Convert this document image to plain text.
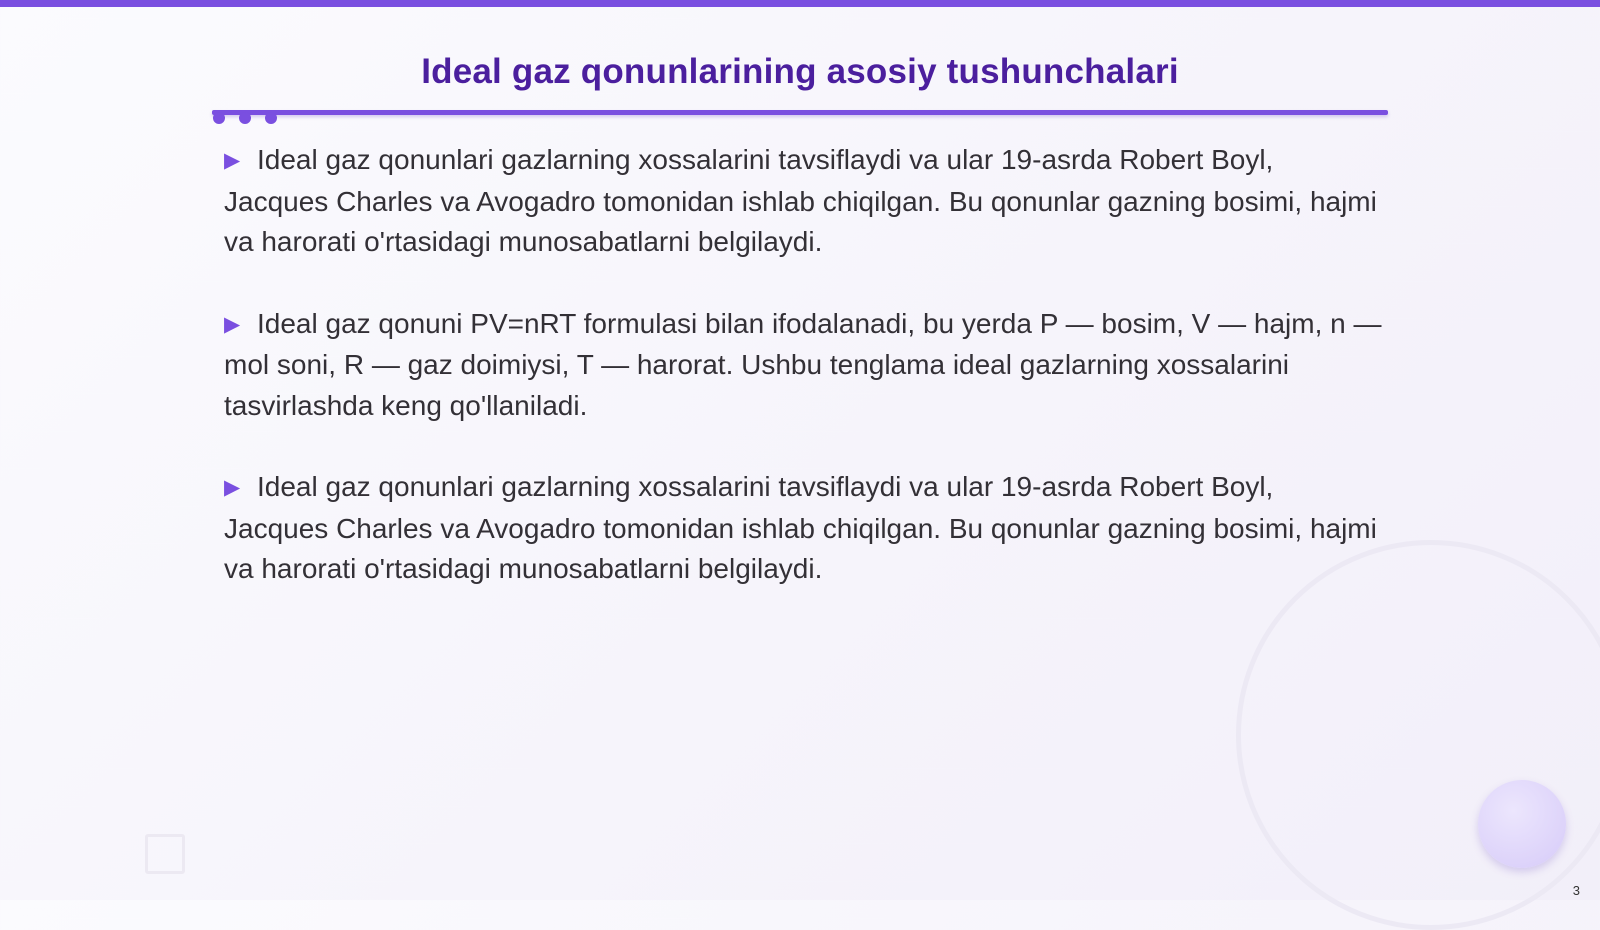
Ideal gaz qonunlarining asosiy tushunchalari

▶ Ideal gaz qonunlari gazlarning xossalarini tavsiflaydi va ular 19-asrda Robert Boyl, Jacques Charles va Avogadro tomonidan ishlab chiqilgan. Bu qonunlar gazning bosimi, hajmi va harorati o'rtasidagi munosabatlarni belgilaydi.

▶ Ideal gaz qonuni PV=nRT formulasi bilan ifodalanadi, bu yerda P — bosim, V — hajm, n — mol soni, R — gaz doimiysi, T — harorat. Ushbu tenglama ideal gazlarning xossalarini tasvirlashda keng qo'llaniladi.

▶ Ideal gaz qonunlari gazlarning xossalarini tavsiflaydi va ular 19-asrda Robert Boyl, Jacques Charles va Avogadro tomonidan ishlab chiqilgan. Bu qonunlar gazning bosimi, hajmi va harorati o'rtasidagi munosabatlarni belgilaydi.

3
